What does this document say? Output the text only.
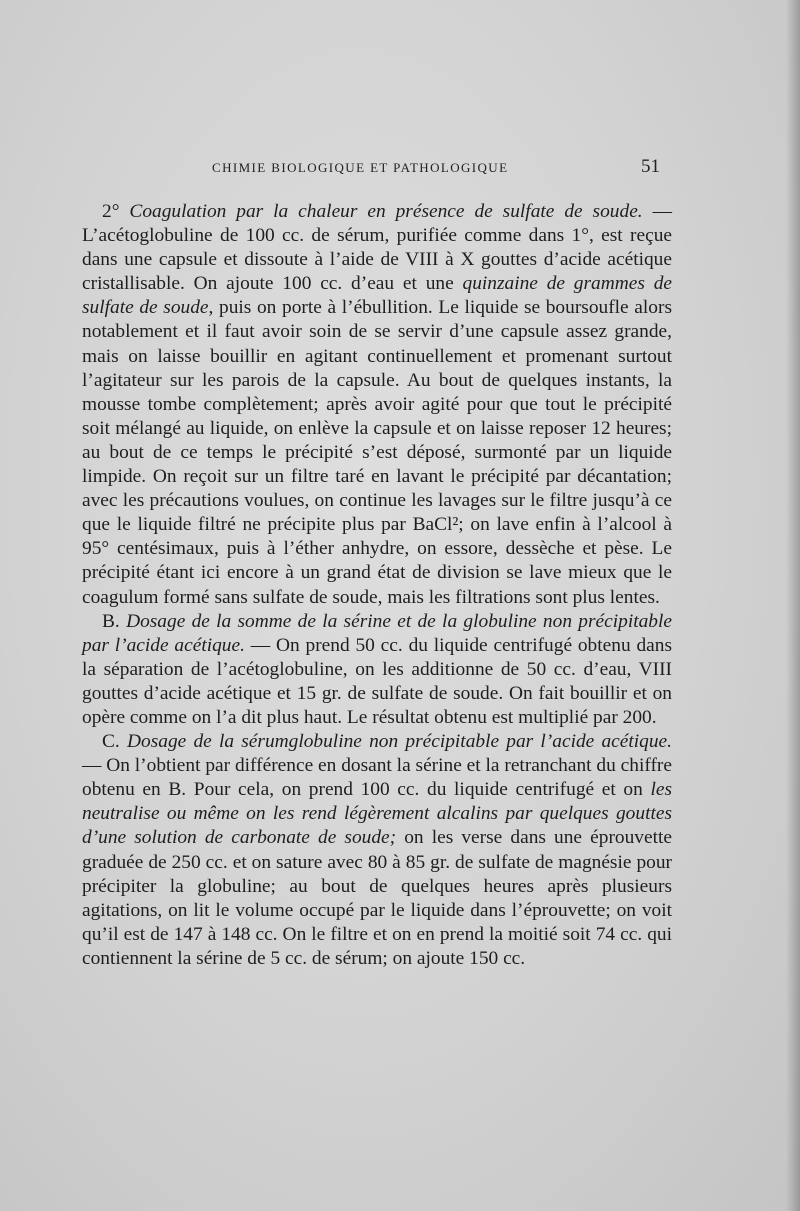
CHIMIE BIOLOGIQUE ET PATHOLOGIQUE	51

2° Coagulation par la chaleur en présence de sulfate de soude. — L’acétoglobuline de 100 cc. de sérum, purifiée comme dans 1°, est reçue dans une capsule et dissoute à l’aide de VIII à X gouttes d’acide acétique cristallisable. On ajoute 100 cc. d’eau et une quinzaine de grammes de sulfate de soude, puis on porte à l’ébullition. Le liquide se boursoufle alors notablement et il faut avoir soin de se servir d’une capsule assez grande, mais on laisse bouillir en agitant continuellement et promenant surtout l’agitateur sur les parois de la capsule. Au bout de quelques instants, la mousse tombe complètement; après avoir agité pour que tout le précipité soit mélangé au liquide, on enlève la capsule et on laisse reposer 12 heures; au bout de ce temps le précipité s’est déposé, surmonté par un liquide limpide. On reçoit sur un filtre taré en lavant le précipité par décantation; avec les précautions voulues, on continue les lavages sur le filtre jusqu’à ce que le liquide filtré ne précipite plus par BaCl²; on lave enfin à l’alcool à 95° centésimaux, puis à l’éther anhydre, on essore, dessèche et pèse. Le précipité étant ici encore à un grand état de division se lave mieux que le coagulum formé sans sulfate de soude, mais les filtrations sont plus lentes.

B. Dosage de la somme de la sérine et de la globuline non précipitable par l’acide acétique. — On prend 50 cc. du liquide centrifugé obtenu dans la séparation de l’acétoglobuline, on les additionne de 50 cc. d’eau, VIII gouttes d’acide acétique et 15 gr. de sulfate de soude. On fait bouillir et on opère comme on l’a dit plus haut. Le résultat obtenu est multiplié par 200.

C. Dosage de la sérumglobuline non précipitable par l’acide acétique. — On l’obtient par différence en dosant la sérine et la retranchant du chiffre obtenu en B. Pour cela, on prend 100 cc. du liquide centrifugé et on les neutralise ou même on les rend légèrement alcalins par quelques gouttes d’une solution de carbonate de soude; on les verse dans une éprouvette graduée de 250 cc. et on sature avec 80 à 85 gr. de sulfate de magnésie pour précipiter la globuline; au bout de quelques heures après plusieurs agitations, on lit le volume occupé par le liquide dans l’éprouvette; on voit qu’il est de 147 à 148 cc. On le filtre et on en prend la moitié soit 74 cc. qui contiennent la sérine de 5 cc. de sérum; on ajoute 150 cc.
